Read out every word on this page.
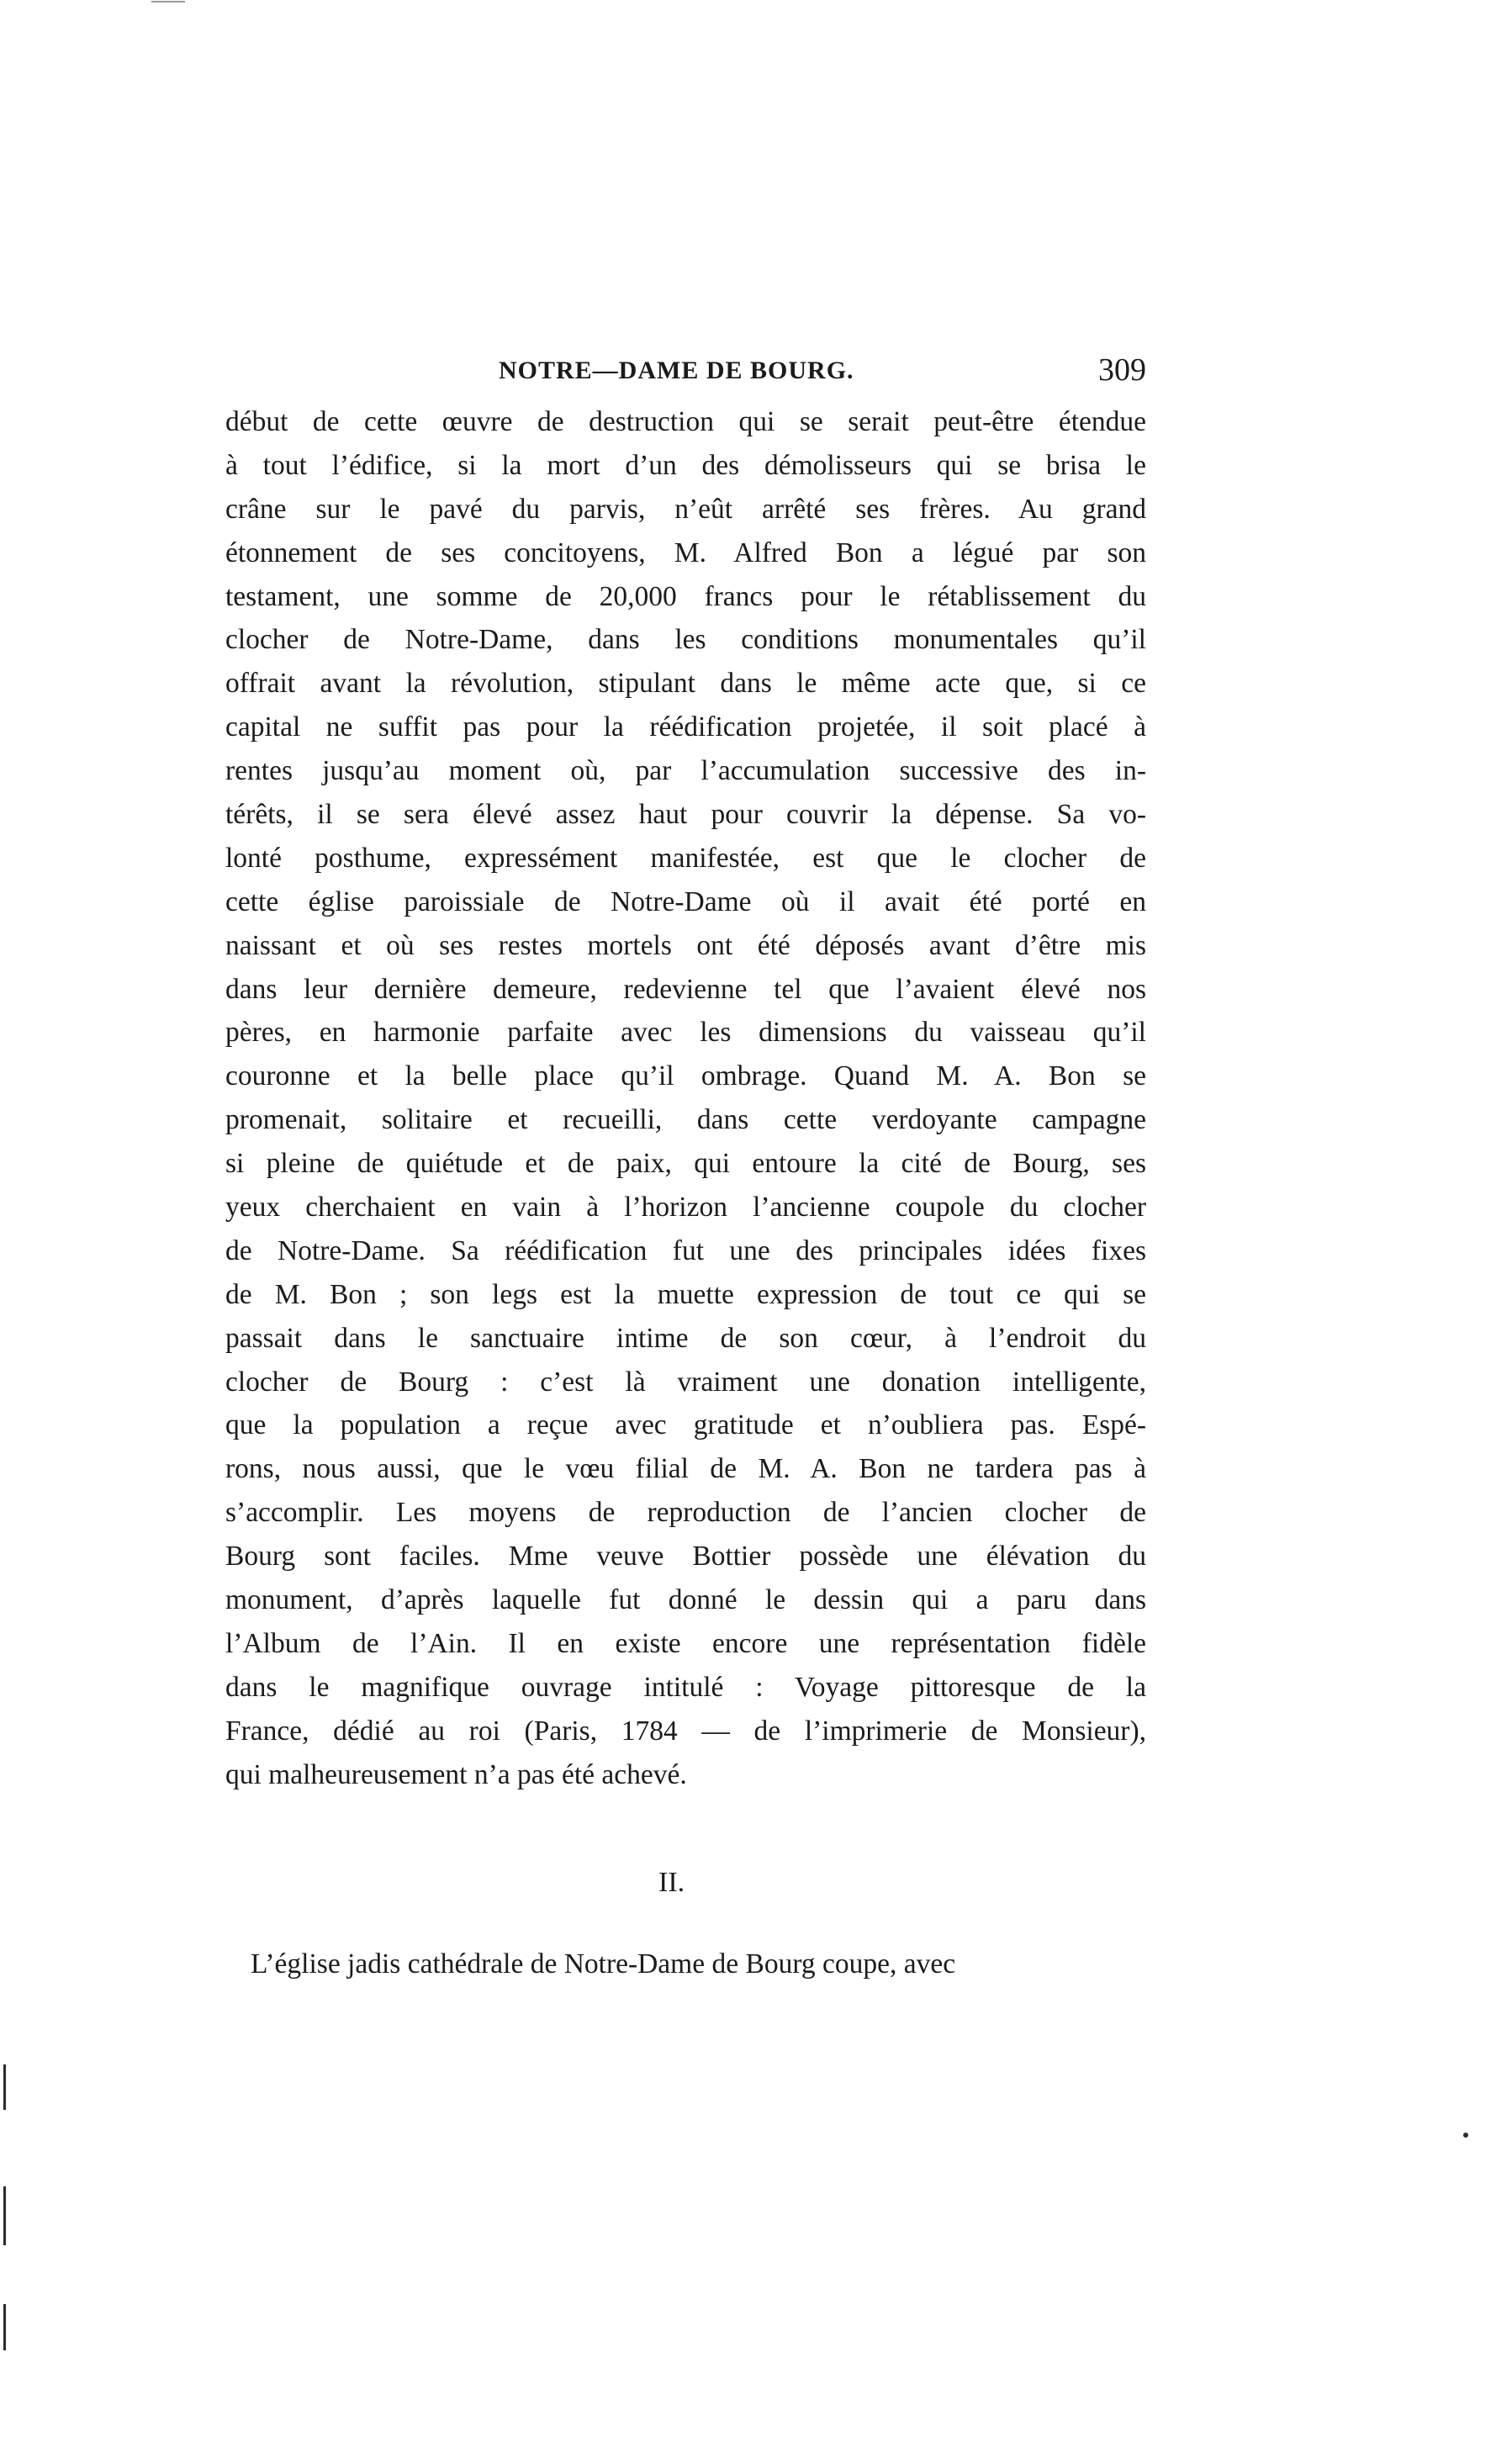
NOTRE—DAME DE BOURG.	309
début de cette œuvre de destruction qui se serait peut-être étendue
à tout l’édifice, si la mort d’un des démolisseurs qui se brisa le
crâne sur le pavé du parvis, n’eût arrêté ses frères. Au grand
étonnement de ses concitoyens, M. Alfred Bon a légué par son
testament, une somme de 20,000 francs pour le rétablissement du
clocher de Notre-Dame, dans les conditions monumentales qu’il
offrait avant la révolution, stipulant dans le même acte que, si ce
capital ne suffit pas pour la réédification projetée, il soit placé à
rentes jusqu’au moment où, par l’accumulation successive des in-
térêts, il se sera élevé assez haut pour couvrir la dépense. Sa vo-
lonté posthume, expressément manifestée, est que le clocher de
cette église paroissiale de Notre-Dame où il avait été porté en
naissant et où ses restes mortels ont été déposés avant d’être mis
dans leur dernière demeure, redevienne tel que l’avaient élevé nos
pères, en harmonie parfaite avec les dimensions du vaisseau qu’il
couronne et la belle place qu’il ombrage. Quand M. A. Bon se
promenait, solitaire et recueilli, dans cette verdoyante campagne
si pleine de quiétude et de paix, qui entoure la cité de Bourg, ses
yeux cherchaient en vain à l’horizon l’ancienne coupole du clocher
de Notre-Dame. Sa réédification fut une des principales idées fixes
de M. Bon ; son legs est la muette expression de tout ce qui se
passait dans le sanctuaire intime de son cœur, à l’endroit du
clocher de Bourg : c’est là vraiment une donation intelligente,
que la population a reçue avec gratitude et n’oubliera pas. Espé-
rons, nous aussi, que le vœu filial de M. A. Bon ne tardera pas à
s’accomplir. Les moyens de reproduction de l’ancien clocher de
Bourg sont faciles. Mme veuve Bottier possède une élévation du
monument, d’après laquelle fut donné le dessin qui a paru dans
l’Album de l’Ain. Il en existe encore une représentation fidèle
dans le magnifique ouvrage intitulé : Voyage pittoresque de la
France, dédié au roi (Paris, 1784 — de l’imprimerie de Monsieur),
qui malheureusement n’a pas été achevé.
II.
L’église jadis cathédrale de Notre-Dame de Bourg coupe, avec
